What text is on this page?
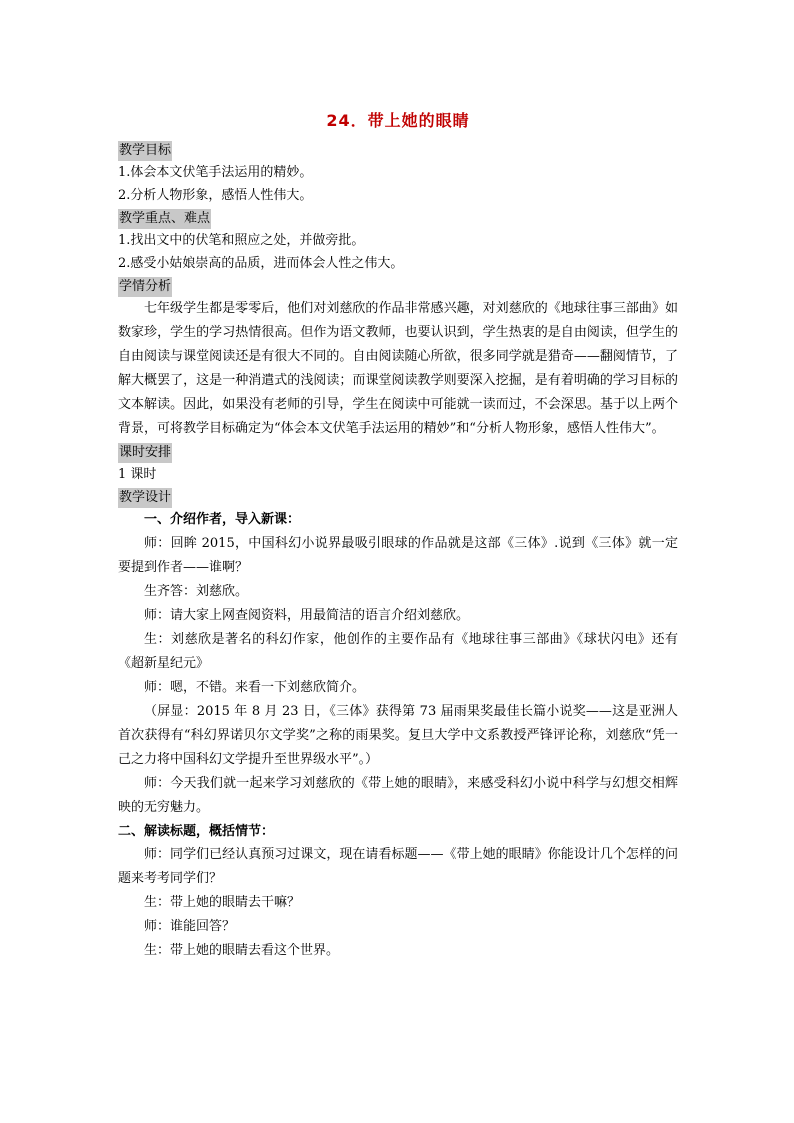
24．带上她的眼睛
教学目标
1.体会本文伏笔手法运用的精妙。
2.分析人物形象，感悟人性伟大。
教学重点、难点
1.找出文中的伏笔和照应之处，并做旁批。
2.感受小姑娘崇高的品质，进而体会人性之伟大。
学情分析

七年级学生都是零零后，他们对刘慈欣的作品非常感兴趣，对刘慈欣的《地球往事三部曲》如数家珍，学生的学习热情很高。但作为语文教师，也要认识到，学生热衷的是自由阅读，但学生的自由阅读与课堂阅读还是有很大不同的。自由阅读随心所欲，很多同学就是猎奇——翻阅情节，了解大概罢了，这是一种消遣式的浅阅读；而课堂阅读教学则要深入挖掘，是有着明确的学习目标的文本解读。因此，如果没有老师的引导，学生在阅读中可能就一读而过，不会深思。基于以上两个背景，可将教学目标确定为“体会本文伏笔手法运用的精妙”和“分析人物形象，感悟人性伟大”。

课时安排
1 课时
教学设计

一、介绍作者，导入新课：

师：回眸 2015，中国科幻小说界最吸引眼球的作品就是这部《三体》.说到《三体》就一定要提到作者——谁啊？

生齐答：刘慈欣。

师：请大家上网查阅资料，用最简洁的语言介绍刘慈欣。

生：刘慈欣是著名的科幻作家，他创作的主要作品有《地球往事三部曲》《球状闪电》还有《超新星纪元》

师：嗯，不错。来看一下刘慈欣简介。

（屏显：2015 年 8 月 23 日，《三体》获得第 73 届雨果奖最佳长篇小说奖——这是亚洲人首次获得有“科幻界诺贝尔文学奖”之称的雨果奖。复旦大学中文系教授严锋评论称，刘慈欣“凭一己之力将中国科幻文学提升至世界级水平”。）

师：今天我们就一起来学习刘慈欣的《带上她的眼睛》，来感受科幻小说中科学与幻想交相辉映的无穷魅力。

二、解读标题，概括情节：

师：同学们已经认真预习过课文，现在请看标题——《带上她的眼睛》你能设计几个怎样的问题来考考同学们？

生：带上她的眼睛去干嘛？

师：谁能回答？

生：带上她的眼睛去看这个世界。
